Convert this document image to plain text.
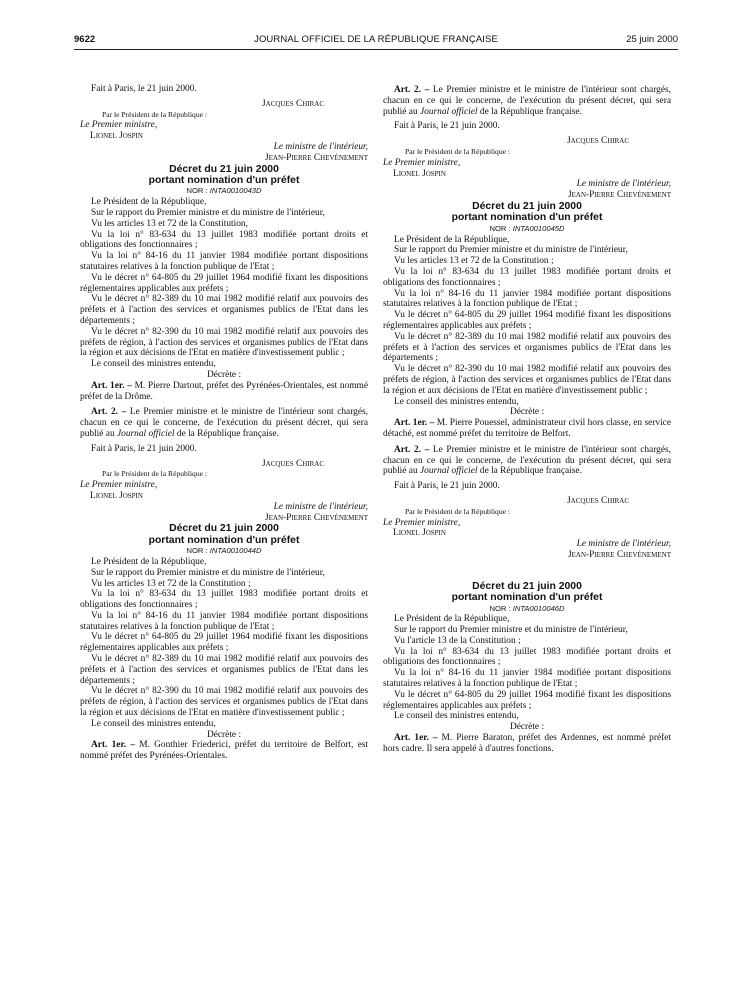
9622	JOURNAL OFFICIEL DE LA RÉPUBLIQUE FRANÇAISE	25 juin 2000

Fait à Paris, le 21 juin 2000.

Jacques Chirac

Par le Président de la République :

Le Premier ministre,

Lionel Jospin

Le ministre de l'intérieur,

Jean-Pierre Chevènement

Décret du 21 juin 2000
portant nomination d'un préfet

NOR : INTA0010043D

Le Président de la République,

Sur le rapport du Premier ministre et du ministre de l'intérieur,

Vu les articles 13 et 72 de la Constitution,

Vu la loi n° 83-634 du 13 juillet 1983 modifiée portant droits et obligations des fonctionnaires ;

Vu la loi n° 84-16 du 11 janvier 1984 modifiée portant dispositions statutaires relatives à la fonction publique de l'Etat ;

Vu le décret n° 64-805 du 29 juillet 1964 modifié fixant les dispositions réglementaires applicables aux préfets ;

Vu le décret n° 82-389 du 10 mai 1982 modifié relatif aux pouvoirs des préfets et à l'action des services et organismes publics de l'Etat dans les départements ;

Vu le décret n° 82-390 du 10 mai 1982 modifié relatif aux pouvoirs des préfets de région, à l'action des services et organismes publics de l'Etat dans la région et aux décisions de l'Etat en matière d'investissement public ;

Le conseil des ministres entendu,

Décrète :

Art. 1er. – M. Pierre Dartout, préfet des Pyrénées-Orientales, est nommé préfet de la Drôme.

Art. 2. – Le Premier ministre et le ministre de l'intérieur sont chargés, chacun en ce qui le concerne, de l'exécution du présent décret, qui sera publié au Journal officiel de la République française.

Fait à Paris, le 21 juin 2000.

Jacques Chirac

Par le Président de la République :

Le Premier ministre,

Lionel Jospin

Le ministre de l'intérieur,

Jean-Pierre Chevènement

Décret du 21 juin 2000
portant nomination d'un préfet

NOR : INTA0010044D

Le Président de la République,

Sur le rapport du Premier ministre et du ministre de l'intérieur,

Vu les articles 13 et 72 de la Constitution ;

Vu la loi n° 83-634 du 13 juillet 1983 modifiée portant droits et obligations des fonctionnaires ;

Vu la loi n° 84-16 du 11 janvier 1984 modifiée portant dispositions statutaires relatives à la fonction publique de l'Etat ;

Vu le décret n° 64-805 du 29 juillet 1964 modifié fixant les dispositions réglementaires applicables aux préfets ;

Vu le décret n° 82-389 du 10 mai 1982 modifié relatif aux pouvoirs des préfets et à l'action des services et organismes publics de l'Etat dans les départements ;

Vu le décret n° 82-390 du 10 mai 1982 modifié relatif aux pouvoirs des préfets de région, à l'action des services et organismes publics de l'Etat dans la région et aux décisions de l'Etat en matière d'investissement public ;

Le conseil des ministres entendu,

Décrète :

Art. 1er. – M. Gonthier Friederici, préfet du territoire de Belfort, est nommé préfet des Pyrénées-Orientales.

Art. 2. – Le Premier ministre et le ministre de l'intérieur sont chargés, chacun en ce qui le concerne, de l'exécution du présent décret, qui sera publié au Journal officiel de la République française.

Fait à Paris, le 21 juin 2000.

Jacques Chirac

Par le Président de la République :

Le Premier ministre,

Lionel Jospin

Le ministre de l'intérieur,

Jean-Pierre Chevènement

Décret du 21 juin 2000
portant nomination d'un préfet

NOR : INTA0010045D

Le Président de la République,

Sur le rapport du Premier ministre et du ministre de l'intérieur,

Vu les articles 13 et 72 de la Constitution ;

Vu la loi n° 83-634 du 13 juillet 1983 modifiée portant droits et obligations des fonctionnaires ;

Vu la loi n° 84-16 du 11 janvier 1984 modifiée portant dispositions statutaires relatives à la fonction publique de l'Etat ;

Vu le décret n° 64-805 du 29 juillet 1964 modifié fixant les dispositions réglementaires applicables aux préfets ;

Vu le décret n° 82-389 du 10 mai 1982 modifié relatif aux pouvoirs des préfets et à l'action des services et organismes publics de l'Etat dans les départements ;

Vu le décret n° 82-390 du 10 mai 1982 modifié relatif aux pouvoirs des préfets de région, à l'action des services et organismes publics de l'Etat dans la région et aux décisions de l'Etat en matière d'investissement public ;

Le conseil des ministres entendu,

Décrète :

Art. 1er. – M. Pierre Pouessel, administrateur civil hors classe, en service détaché, est nommé préfet du territoire de Belfort.

Art. 2. – Le Premier ministre et le ministre de l'intérieur sont chargés, chacun en ce qui le concerne, de l'exécution du présent décret, qui sera publié au Journal officiel de la République française.

Fait à Paris, le 21 juin 2000.

Jacques Chirac

Par le Président de la République :

Le Premier ministre,

Lionel Jospin

Le ministre de l'intérieur,

Jean-Pierre Chevènement

Décret du 21 juin 2000
portant nomination d'un préfet

NOR : INTA0010046D

Le Président de la République,

Sur le rapport du Premier ministre et du ministre de l'intérieur,

Vu l'article 13 de la Constitution ;

Vu la loi n° 83-634 du 13 juillet 1983 modifiée portant droits et obligations des fonctionnaires ;

Vu la loi n° 84-16 du 11 janvier 1984 modifiée portant dispositions statutaires relatives à la fonction publique de l'Etat ;

Vu le décret n° 64-805 du 29 juillet 1964 modifié fixant les dispositions réglementaires applicables aux préfets ;

Le conseil des ministres entendu,

Décrète :

Art. 1er. – M. Pierre Baraton, préfet des Ardennes, est nommé préfet hors cadre. Il sera appelé à d'autres fonctions.
